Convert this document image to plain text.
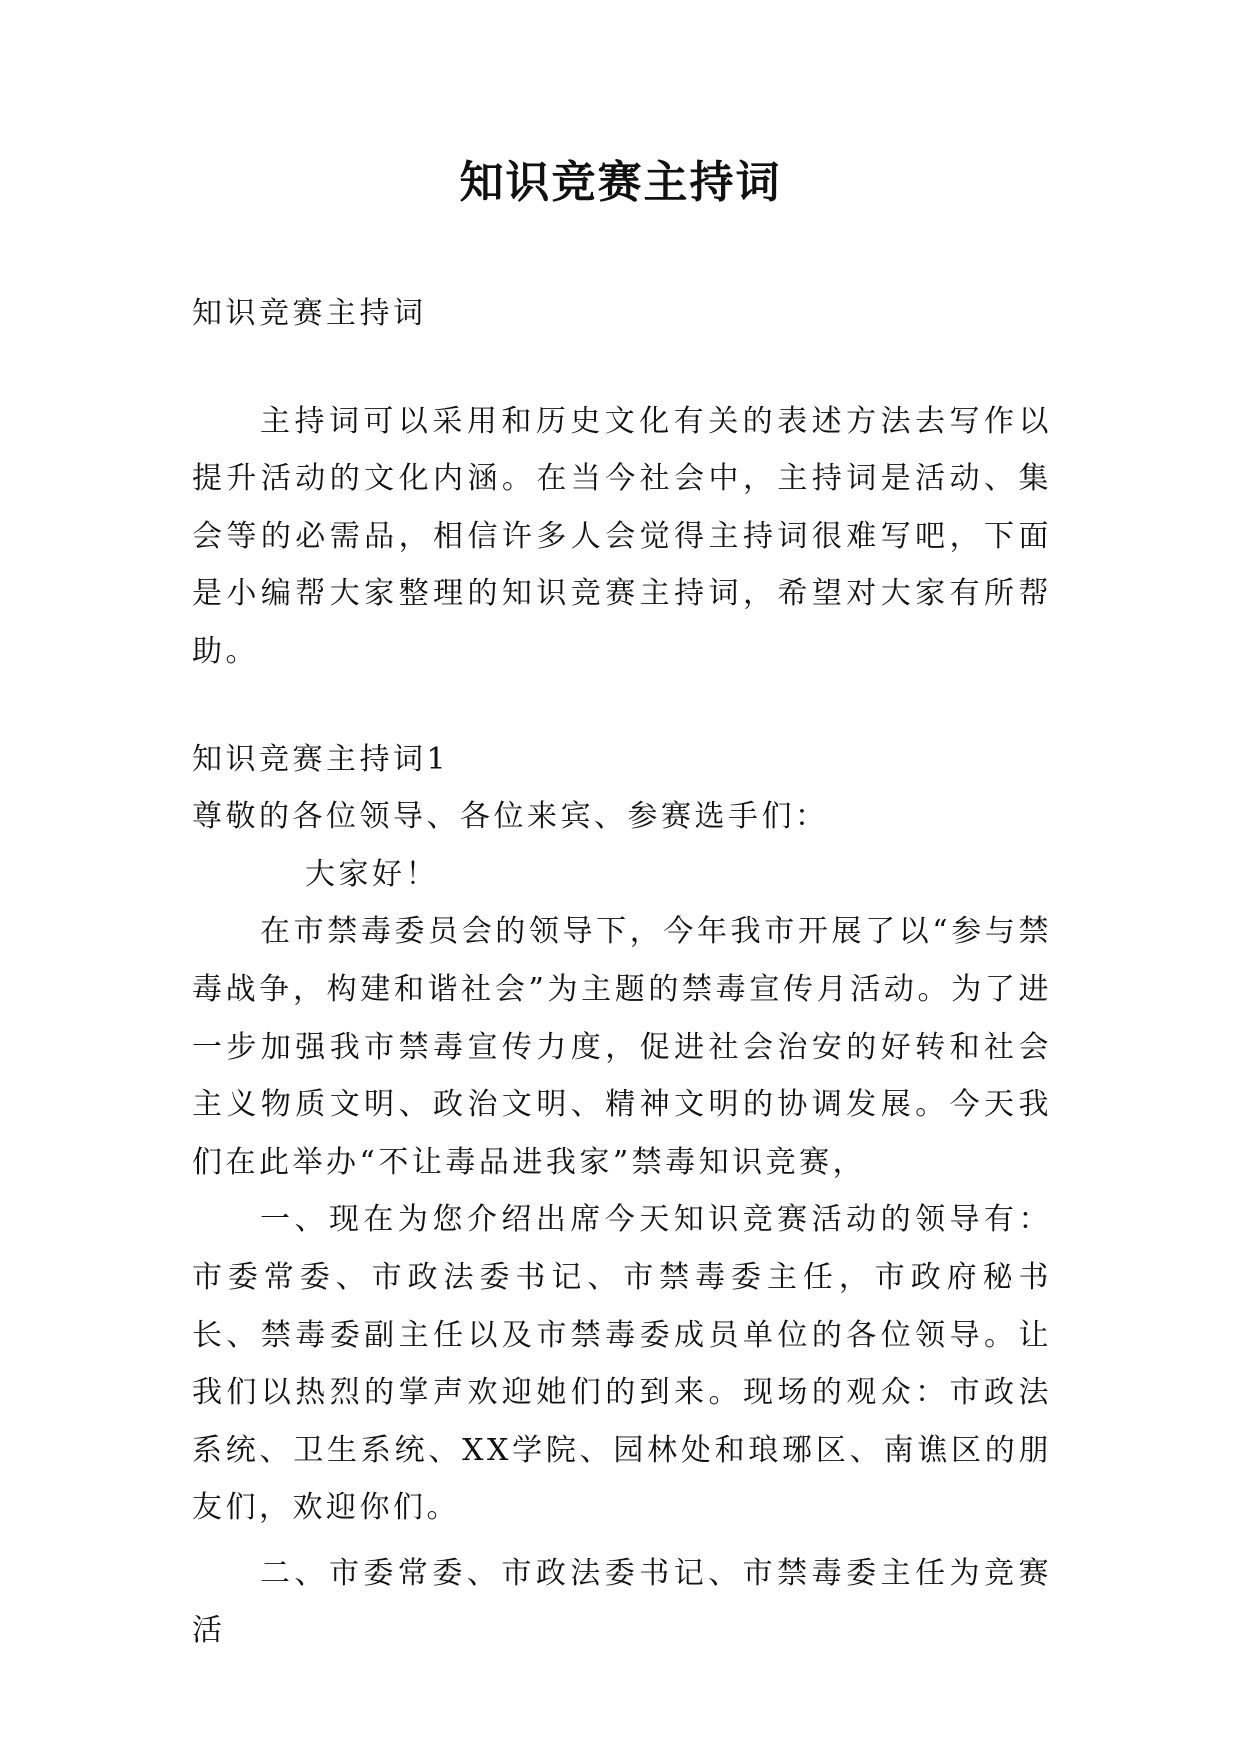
知识竞赛主持词

知识竞赛主持词

主持词可以采用和历史文化有关的表述方法去写作以提升活动的文化内涵。在当今社会中，主持词是活动、集会等的必需品，相信许多人会觉得主持词很难写吧，下面是小编帮大家整理的知识竞赛主持词，希望对大家有所帮助。

知识竞赛主持词1

尊敬的各位领导、各位来宾、参赛选手们：

大家好！

在市禁毒委员会的领导下，今年我市开展了以“参与禁毒战争，构建和谐社会”为主题的禁毒宣传月活动。为了进一步加强我市禁毒宣传力度，促进社会治安的好转和社会主义物质文明、政治文明、精神文明的协调发展。今天我们在此举办“不让毒品进我家”禁毒知识竞赛，

一、现在为您介绍出席今天知识竞赛活动的领导有：市委常委、市政法委书记、市禁毒委主任，市政府秘书长、禁毒委副主任以及市禁毒委成员单位的各位领导。让我们以热烈的掌声欢迎她们的到来。现场的观众：市政法系统、卫生系统、XX学院、园林处和琅琊区、南谯区的朋友们，欢迎你们。

二、市委常委、市政法委书记、市禁毒委主任为竞赛活
